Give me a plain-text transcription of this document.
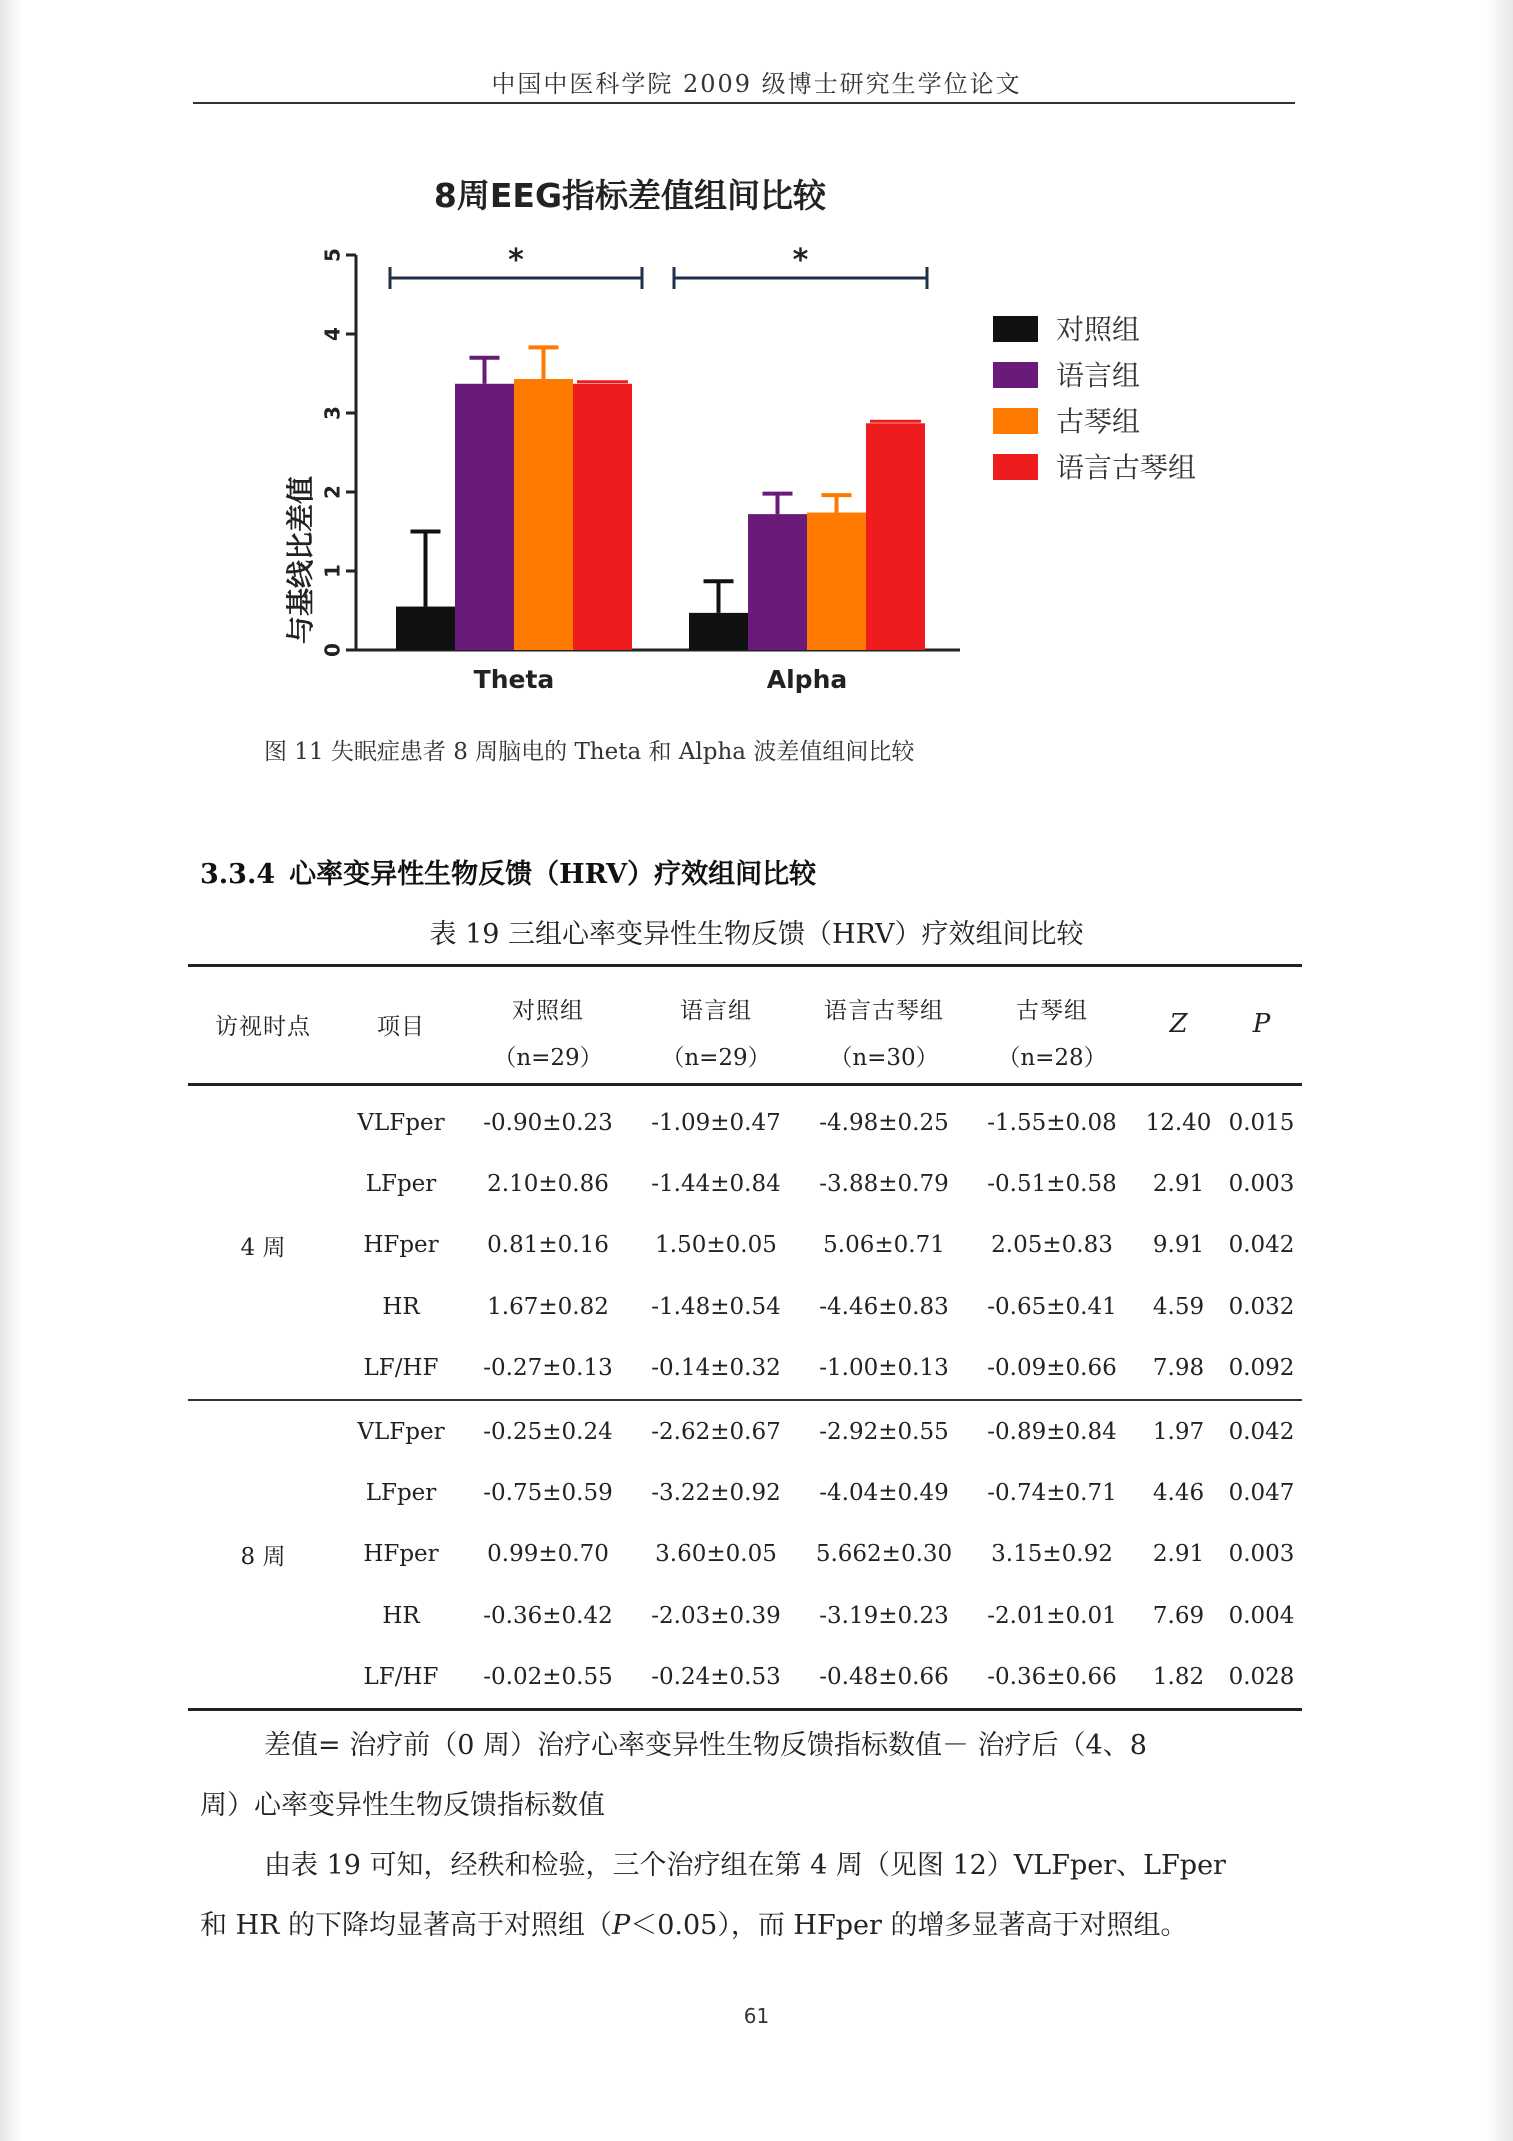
中国中医科学院 2009 级博士研究生学位论文
8周EEG指标差值组间比较
与基线比差值
0
1
2
3
4
5	*	*
Theta	Alpha
对照组
语言组
古琴组
语言古琴组
图 11 失眠症患者 8 周脑电的 Theta 和 Alpha 波差值组间比较
3.3.4 心率变异性生物反馈（HRV）疗效组间比较
表 19 三组心率变异性生物反馈（HRV）疗效组间比较
访视时点	项目	对照组	语言组	语言古琴组	古琴组	Z	P
		（n=29）	（n=29）	（n=30）	（n=28）		
4 周	VLFper	-0.90±0.23	-1.09±0.47	-4.98±0.25	-1.55±0.08	12.40	0.015
	LFper	2.10±0.86	-1.44±0.84	-3.88±0.79	-0.51±0.58	2.91	0.003
	HFper	0.81±0.16	1.50±0.05	5.06±0.71	2.05±0.83	9.91	0.042
	HR	1.67±0.82	-1.48±0.54	-4.46±0.83	-0.65±0.41	4.59	0.032
	LF/HF	-0.27±0.13	-0.14±0.32	-1.00±0.13	-0.09±0.66	7.98	0.092
8 周	VLFper	-0.25±0.24	-2.62±0.67	-2.92±0.55	-0.89±0.84	1.97	0.042
	LFper	-0.75±0.59	-3.22±0.92	-4.04±0.49	-0.74±0.71	4.46	0.047
	HFper	0.99±0.70	3.60±0.05	5.662±0.30	3.15±0.92	2.91	0.003
	HR	-0.36±0.42	-2.03±0.39	-3.19±0.23	-2.01±0.01	7.69	0.004
	LF/HF	-0.02±0.55	-0.24±0.53	-0.48±0.66	-0.36±0.66	1.82	0.028
差值= 治疗前（0 周）治疗心率变异性生物反馈指标数值－ 治疗后（4、8
周）心率变异性生物反馈指标数值
由表 19 可知，经秩和检验，三个治疗组在第 4 周（见图 12）VLFper、LFper
和 HR 的下降均显著高于对照组（P＜0.05），而 HFper 的增多显著高于对照组。
61
